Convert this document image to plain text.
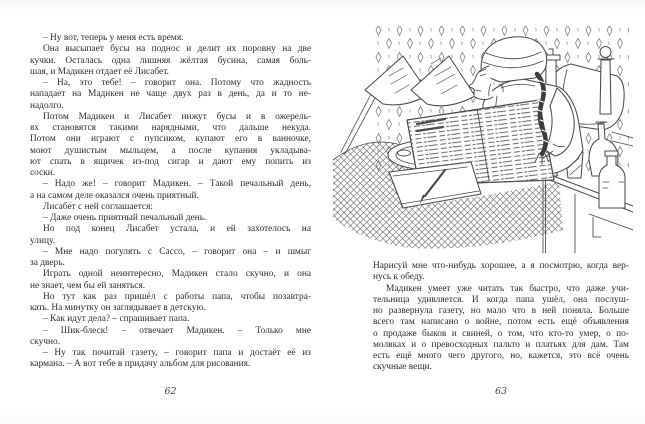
– Ну вот, теперь у меня есть время.
Она высыпает бусы на поднос и делит их поровну на две
кучки. Осталась одна лишняя жёлтая бусина, самая боль-
шая, и Мадикен отдает её Лисабет.
– На, это тебе! – говорит она. Потому что жадность
нападает на Мадикен не чаще двух раз в день, да и то не-
надолго.
Потом Мадикен и Лисабет нижут бусы и в ожерель-
ях становятся такими нарядными, что дальше некуда.
Потом они играют с пупсиком, купают его в ванночке,
моют душистым мыльцем, а после купания укладыва-
ют спать в ящичек из-под сигар и дают ему попить из
соски.
– Надо же! – говорит Мадикен. – Такой печальный день,
а на самом деле оказался очень приятный.
Лисабет с ней соглашается:
– Даже очень приятный печальный день.
Но под конец Лисабет устала, и ей захотелось на
улицу.
– Мне надо погулять с Сассо, – говорит она – и шмыг
за дверь.
Играть одной неинтересно, Мадикен стало скучно, и она
не знает, чем бы ей заняться.
Но тут как раз пришёл с работы папа, чтобы позавтра-
кать. На минутку он заглядывает в детскую.
– Как идут дела? – спрашивает папа.
– Шик-блеск! – отвечает Мадикен. – Только мне
скучно.
– Ну так почитай газету, – говорит папа и достаёт её из
кармана. – А вот тебе в придачу альбом для рисования.
62
Нарисуй мне что-нибудь хорошее, а я посмотрю, когда вер-
нусь к обеду.
Мадикен умеет уже читать так быстро, что даже учи-
тельница удивляется. И когда папа ушёл, она послуш-
но развернула газету, но мало что в ней поняла. Больше
всего там написано о войне, потом есть ещё объявления
о продаже быков и свиней, о том, что кто-то умер, о по-
молвках и о превосходных пальто и платьях для дам. Там
есть ещё много чего другого, но, кажется, это всё очень
скучные вещи.
63
